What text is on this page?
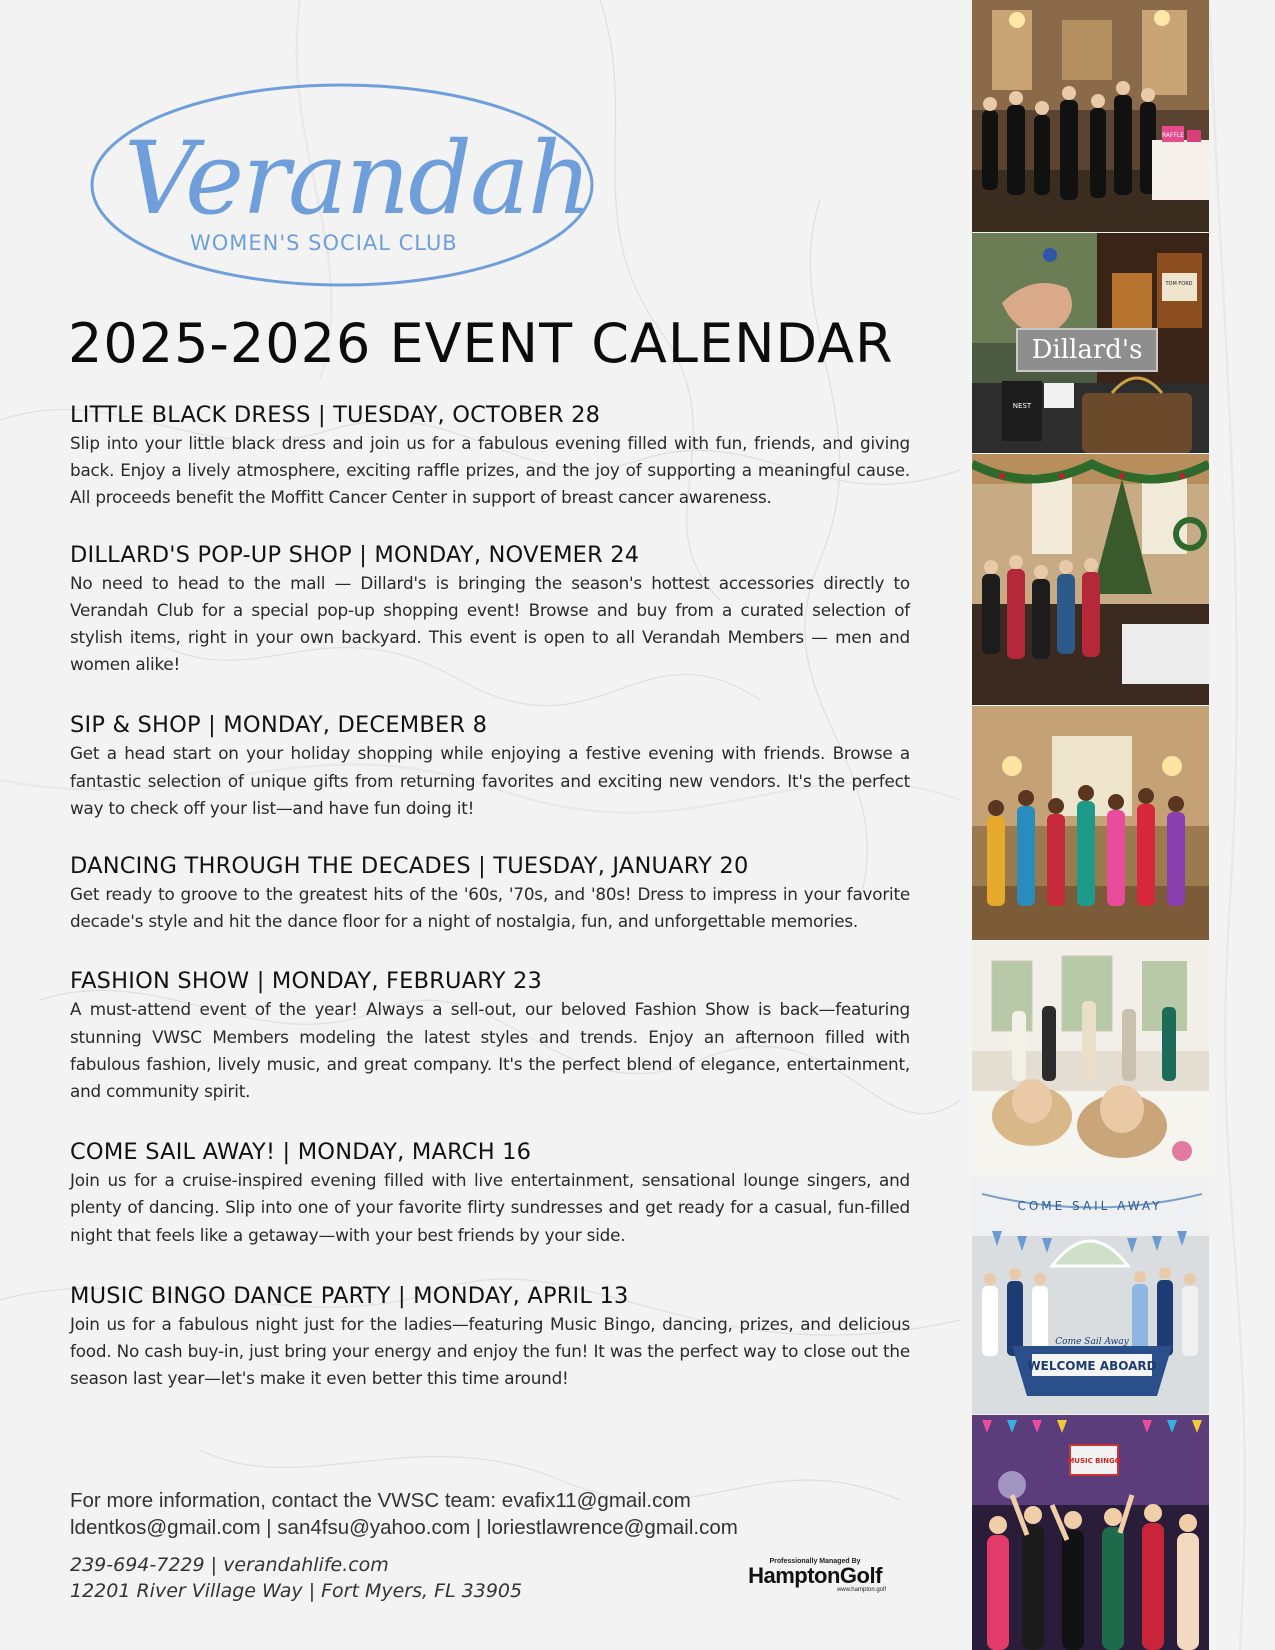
Verandah
WOMEN'S SOCIAL CLUB
2025-2026 EVENT CALENDAR
LITTLE BLACK DRESS | TUESDAY, OCTOBER 28

Slip into your little black dress and join us for a fabulous evening filled with fun, friends, and giving back. Enjoy a lively atmosphere, exciting raffle prizes, and the joy of supporting a meaningful cause. All proceeds benefit the Moffitt Cancer Center in support of breast cancer awareness.

DILLARD'S POP-UP SHOP | MONDAY, NOVEMER 24

No need to head to the mall — Dillard's is bringing the season's hottest accessories directly to Verandah Club for a special pop-up shopping event! Browse and buy from a curated selection of stylish items, right in your own backyard. This event is open to all Verandah Members — men and women alike!

SIP & SHOP | MONDAY, DECEMBER 8

Get a head start on your holiday shopping while enjoying a festive evening with friends. Browse a fantastic selection of unique gifts from returning favorites and exciting new vendors. It's the perfect way to check off your list—and have fun doing it!

DANCING THROUGH THE DECADES | TUESDAY, JANUARY 20

Get ready to groove to the greatest hits of the '60s, '70s, and '80s! Dress to impress in your favorite decade's style and hit the dance floor for a night of nostalgia, fun, and unforgettable memories.

FASHION SHOW | MONDAY, FEBRUARY 23

A must-attend event of the year! Always a sell-out, our beloved Fashion Show is back—featuring stunning VWSC Members modeling the latest styles and trends. Enjoy an afternoon filled with fabulous fashion, lively music, and great company. It's the perfect blend of elegance, entertainment, and community spirit.

COME SAIL AWAY! | MONDAY, MARCH 16

Join us for a cruise-inspired evening filled with live entertainment, sensational lounge singers, and plenty of dancing. Slip into one of your favorite flirty sundresses and get ready for a casual, fun-filled night that feels like a getaway—with your best friends by your side.

MUSIC BINGO DANCE PARTY | MONDAY, APRIL 13

Join us for a fabulous night just for the ladies—featuring Music Bingo, dancing, prizes, and delicious food. No cash buy-in, just bring your energy and enjoy the fun! It was the perfect way to close out the season last year—let's make it even better this time around!

For more information, contact the VWSC team: evafix11@gmail.com
ldentkos@gmail.com | san4fsu@yahoo.com | loriestlawrence@gmail.com
239-694-7229 | verandahlife.com
12201 River Village Way | Fort Myers, FL 33905
Professionally Managed By
HamptonGolf
www.hampton.golf
RAFFLE
TOM FORD
Dillard's
NEST
COME SAIL AWAY
Come Sail Away
WELCOME ABOARD
MUSIC BINGO
